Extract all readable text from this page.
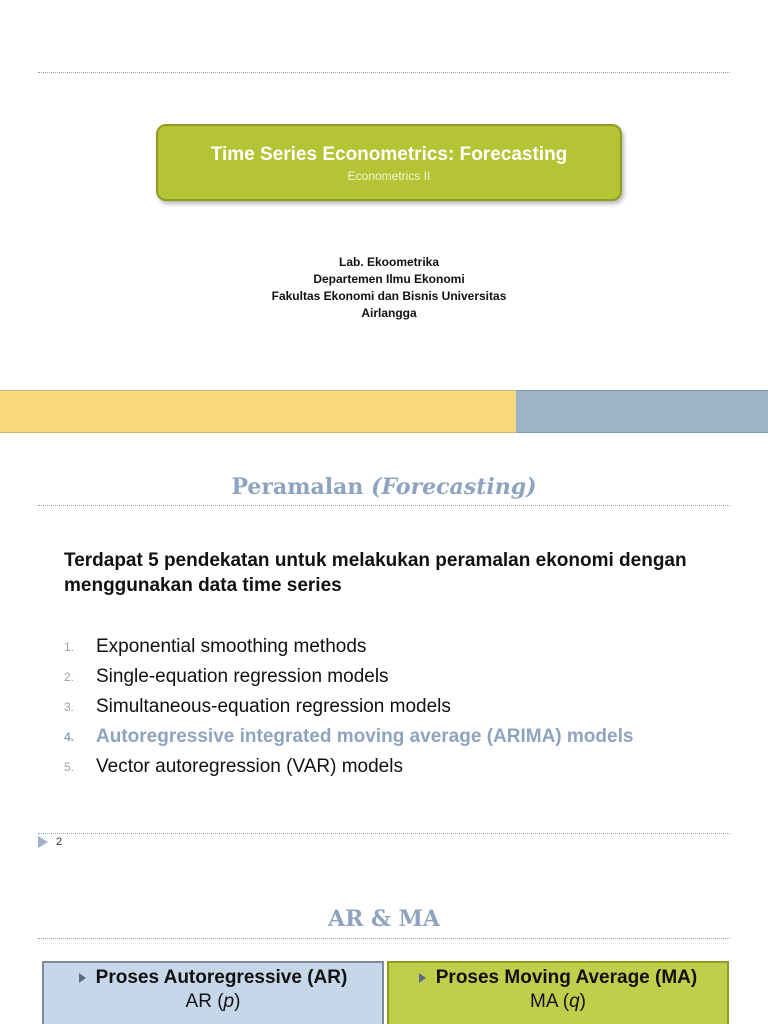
Time Series Econometrics: Forecasting
Econometrics II
Lab. Ekoometrika
Departemen Ilmu Ekonomi
Fakultas Ekonomi dan Bisnis Universitas
Airlangga
Peramalan (Forecasting)
Terdapat 5 pendekatan untuk melakukan peramalan ekonomi dengan menggunakan data time series
1.	Exponential smoothing methods
2.	Single-equation regression models
3.	Simultaneous-equation regression models
4.	Autoregressive integrated moving average (ARIMA) models
5.	Vector autoregression (VAR) models
2
AR & MA
Proses Autoregressive (AR)
AR (p)
Proses Moving Average (MA)
MA (q)
